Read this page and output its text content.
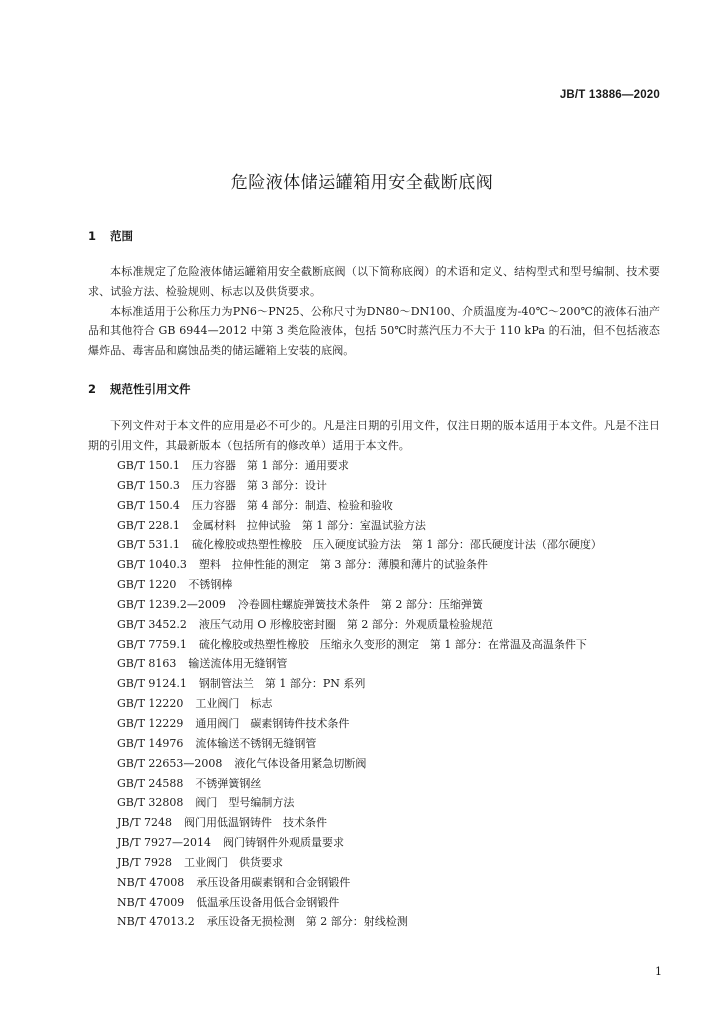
JB/T 13886—2020
危险液体储运罐箱用安全截断底阀
1 范围

本标准规定了危险液体储运罐箱用安全截断底阀（以下简称底阀）的术语和定义、结构型式和型号编制、技术要求、试验方法、检验规则、标志以及供货要求。

本标准适用于公称压力为PN6～PN25、公称尺寸为DN80～DN100、介质温度为-40℃～200℃的液体石油产品和其他符合 GB 6944—2012 中第 3 类危险液体，包括 50℃时蒸汽压力不大于 110 kPa 的石油，但不包括液态爆炸品、毒害品和腐蚀品类的储运罐箱上安装的底阀。

2 规范性引用文件

下列文件对于本文件的应用是必不可少的。凡是注日期的引用文件，仅注日期的版本适用于本文件。凡是不注日期的引用文件，其最新版本（包括所有的修改单）适用于本文件。

GB/T 150.1 压力容器　第 1 部分：通用要求
GB/T 150.3 压力容器　第 3 部分：设计
GB/T 150.4 压力容器　第 4 部分：制造、检验和验收
GB/T 228.1 金属材料　拉伸试验　第 1 部分：室温试验方法
GB/T 531.1 硫化橡胶或热塑性橡胶　压入硬度试验方法　第 1 部分：邵氏硬度计法（邵尔硬度）
GB/T 1040.3 塑料　拉伸性能的测定　第 3 部分：薄膜和薄片的试验条件
GB/T 1220 不锈钢棒
GB/T 1239.2—2009 冷卷圆柱螺旋弹簧技术条件　第 2 部分：压缩弹簧
GB/T 3452.2 液压气动用 O 形橡胶密封圈　第 2 部分：外观质量检验规范
GB/T 7759.1 硫化橡胶或热塑性橡胶　压缩永久变形的测定　第 1 部分：在常温及高温条件下
GB/T 8163 输送流体用无缝钢管
GB/T 9124.1 钢制管法兰　第 1 部分：PN 系列
GB/T 12220 工业阀门　标志
GB/T 12229 通用阀门　碳素钢铸件技术条件
GB/T 14976 流体输送不锈钢无缝钢管
GB/T 22653—2008 液化气体设备用紧急切断阀
GB/T 24588 不锈弹簧钢丝
GB/T 32808 阀门　型号编制方法
JB/T 7248 阀门用低温钢铸件　技术条件
JB/T 7927—2014 阀门铸钢件外观质量要求
JB/T 7928 工业阀门　供货要求
NB/T 47008 承压设备用碳素钢和合金钢锻件
NB/T 47009 低温承压设备用低合金钢锻件
NB/T 47013.2 承压设备无损检测　第 2 部分：射线检测
1
